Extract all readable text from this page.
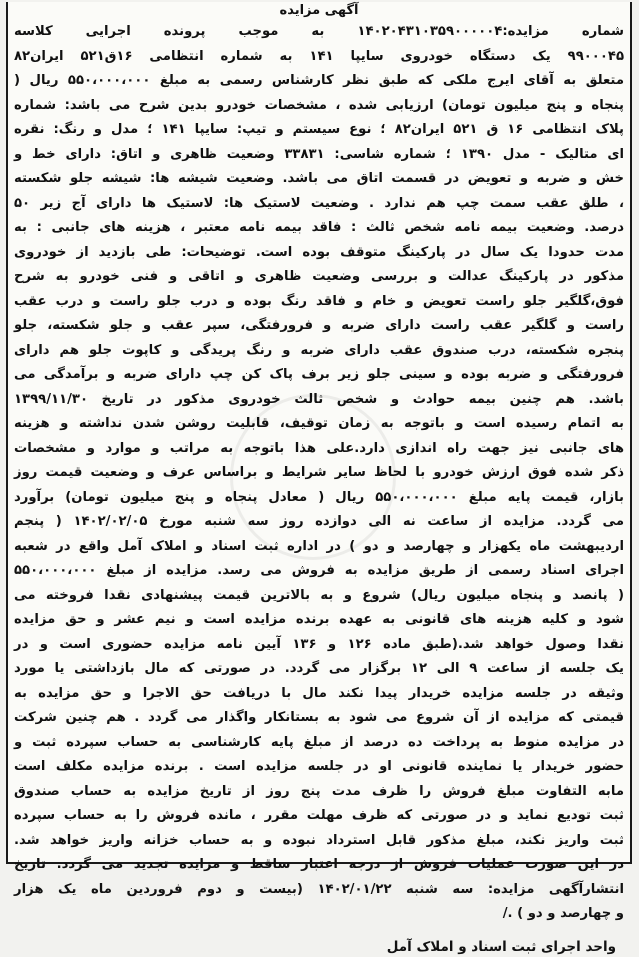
آگهی مزایده
شماره مزایده:۱۴۰۲۰۴۳۱۰۳۵۹۰۰۰۰۰۴ به موجب پرونده اجرایی کلاسه
۹۹۰۰۰۴۵ یک دستگاه خودروی سایپا ۱۴۱ به شماره انتظامی ۱۶ق۵۲۱ ایران۸۲
متعلق به آقای ایرج ملکی که طبق نظر کارشناس رسمی به مبلغ ۵۵۰،۰۰۰،۰۰۰ ریال (
پنجاه و پنج میلیون تومان) ارزیابی شده ، مشخصات خودرو بدین شرح می باشد: شماره
پلاک انتظامی ۱۶ ق ۵۲۱ ایران۸۲ ؛ نوع سیستم و تیپ: سایپا ۱۴۱ ؛ مدل و رنگ: نقره
ای متالیک - مدل ۱۳۹۰ ؛ شماره شاسی: ۳۳۸۳۱ وضعیت ظاهری و اتاق: دارای خط و
خش و ضربه و تعویض در قسمت اتاق می باشد. وضعیت شیشه ها: شیشه جلو شکسته
، طلق عقب سمت چپ هم ندارد . وضعیت لاستیک ها: لاستیک ها دارای آج زیر ۵۰
درصد. وضعیت بیمه نامه شخص ثالث : فاقد بیمه نامه معتبر ، هزینه های جانبی : به
مدت حدودا یک سال در پارکینگ متوقف بوده است. توضیحات: طی بازدید از خودروی
مذکور در پارکینگ عدالت و بررسی وضعیت ظاهری و اتاقی و فنی خودرو به شرح
فوق،گلگیر جلو راست تعویض و خام و فاقد رنگ بوده و درب جلو راست و درب عقب
راست و گلگیر عقب راست دارای ضربه و فرورفتگی، سپر عقب و جلو شکسته، جلو
پنجره شکسته، درب صندوق عقب دارای ضربه و رنگ پریدگی و کاپوت جلو هم دارای
فرورفتگی و ضربه بوده و سینی جلو زیر برف پاک کن چپ دارای ضربه و برآمدگی می
باشد. هم چنین بیمه حوادث و شخص ثالث خودروی مذکور در تاریخ ۱۳۹۹/۱۱/۳۰
به اتمام رسیده است و باتوجه به زمان توقیف، قابلیت روشن شدن نداشته و هزینه
های جانبی نیز جهت راه اندازی دارد.علی هذا باتوجه به مراتب و موارد و مشخصات
ذکر شده فوق ارزش خودرو با لحاظ سایر شرایط و براساس عرف و وضعیت قیمت روز
بازار، قیمت پایه مبلغ ۵۵۰،۰۰۰،۰۰۰ ریال ( معادل پنجاه و پنج میلیون تومان) برآورد
می گردد. مزایده از ساعت نه الی دوازده روز سه شنبه مورخ ۱۴۰۲/۰۲/۰۵ ( پنجم
اردیبهشت ماه یکهزار و چهارصد و دو ) در اداره ثبت اسناد و املاک آمل واقع در شعبه
اجرای اسناد رسمی از طریق مزایده به فروش می رسد. مزایده از مبلغ ۵۵۰،۰۰۰،۰۰۰
( پانصد و پنجاه میلیون ریال) شروع و به بالاترین قیمت پیشنهادی نقدا فروخته می
شود و کلیه هزینه های قانونی به عهده برنده مزایده است و نیم عشر و حق مزایده
نقدا وصول خواهد شد.(طبق ماده ۱۲۶ و ۱۳۶ آیین نامه مزایده حضوری است و در
یک جلسه از ساعت ۹ الی ۱۲ برگزار می گردد. در صورتی که مال بازداشتی یا مورد
وثیقه در جلسه مزایده خریدار پیدا نکند مال با دریافت حق الاجرا و حق مزایده به
قیمتی که مزایده از آن شروع می شود به بستانکار واگذار می گردد . هم چنین شرکت
در مزایده منوط به پرداخت ده درصد از مبلغ پایه کارشناسی به حساب سپرده ثبت و
حضور خریدار یا نماینده قانونی او در جلسه مزایده است . برنده مزایده مکلف است
مابه التفاوت مبلغ فروش را ظرف مدت پنج روز از تاریخ مزایده به حساب صندوق
ثبت تودیع نماید و در صورتی که ظرف مهلت مقرر ، مانده فروش را به حساب سپرده
ثبت واریز نکند، مبلغ مذکور قابل استرداد نبوده و به حساب خزانه واریز خواهد شد.
در این صورت عملیات فروش از درجه اعتبار ساقط و مزایده تجدید می گردد. تاریخ
انتشارآگهی مزایده: سه شنبه ۱۴۰۲/۰۱/۲۲ (بیست و دوم فروردین ماه یک هزار
و چهارصد و دو ) ./
واحد اجرای ثبت اسناد و املاک آمل
